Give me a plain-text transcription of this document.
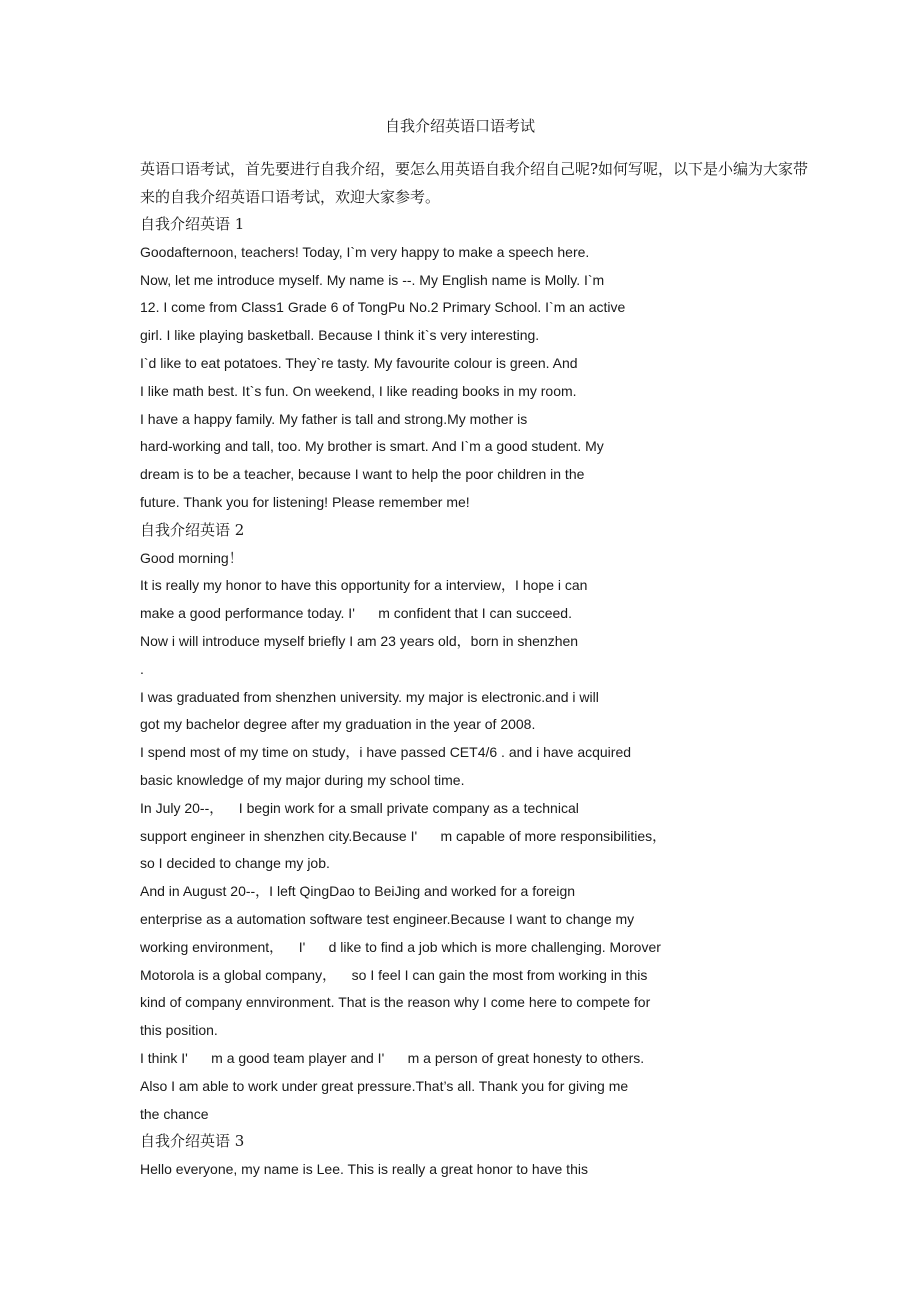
自我介绍英语口语考试
英语口语考试，首先要进行自我介绍，要怎么用英语自我介绍自己呢?如何写呢，以下是小编为大家带来的自我介绍英语口语考试，欢迎大家参考。
自我介绍英语 1
Goodafternoon, teachers! Today, I`m very happy to make a speech here.
Now, let me introduce myself. My name is --. My English name is Molly. I`m
12. I come from Class1 Grade 6 of TongPu No.2 Primary School. I`m an active
girl. I like playing basketball. Because I think it`s very interesting.
I`d like to eat potatoes. They`re tasty. My favourite colour is green. And
I like math best. It`s fun. On weekend, I like reading books in my room.
I have a happy family. My father is tall and strong.My mother is
hard-working and tall, too. My brother is smart. And I`m a good student. My
dream is to be a teacher, because I want to help the poor children in the
future. Thank you for listening! Please remember me!
自我介绍英语 2
Good morning！
It is really my honor to have this opportunity for a interview，I hope i can
make a good performance today. I'      m confident that I can succeed.
Now i will introduce myself briefly I am 23 years old，born in shenzhen
.
I was graduated from shenzhen university. my major is electronic.and i will
got my bachelor degree after my graduation in the year of 2008.
I spend most of my time on study，i have passed CET4/6 . and i have acquired
basic knowledge of my major during my school time.
In July 20--，    I begin work for a small private company as a technical
support engineer in shenzhen city.Because I'      m capable of more responsibilities，
so I decided to change my job.
And in August 20--，I left QingDao to BeiJing and worked for a foreign
enterprise as a automation software test engineer.Because I want to change my
working environment，    I'      d like to find a job which is more challenging. Morover
Motorola is a global company，    so I feel I can gain the most from working in this
kind of company ennvironment. That is the reason why I come here to compete for
this position.
I think I'      m a good team player and I'      m a person of great honesty to others.
Also I am able to work under great pressure.That’s all. Thank you for giving me
the chance
自我介绍英语 3
Hello everyone, my name is Lee. This is really a great honor to have this
